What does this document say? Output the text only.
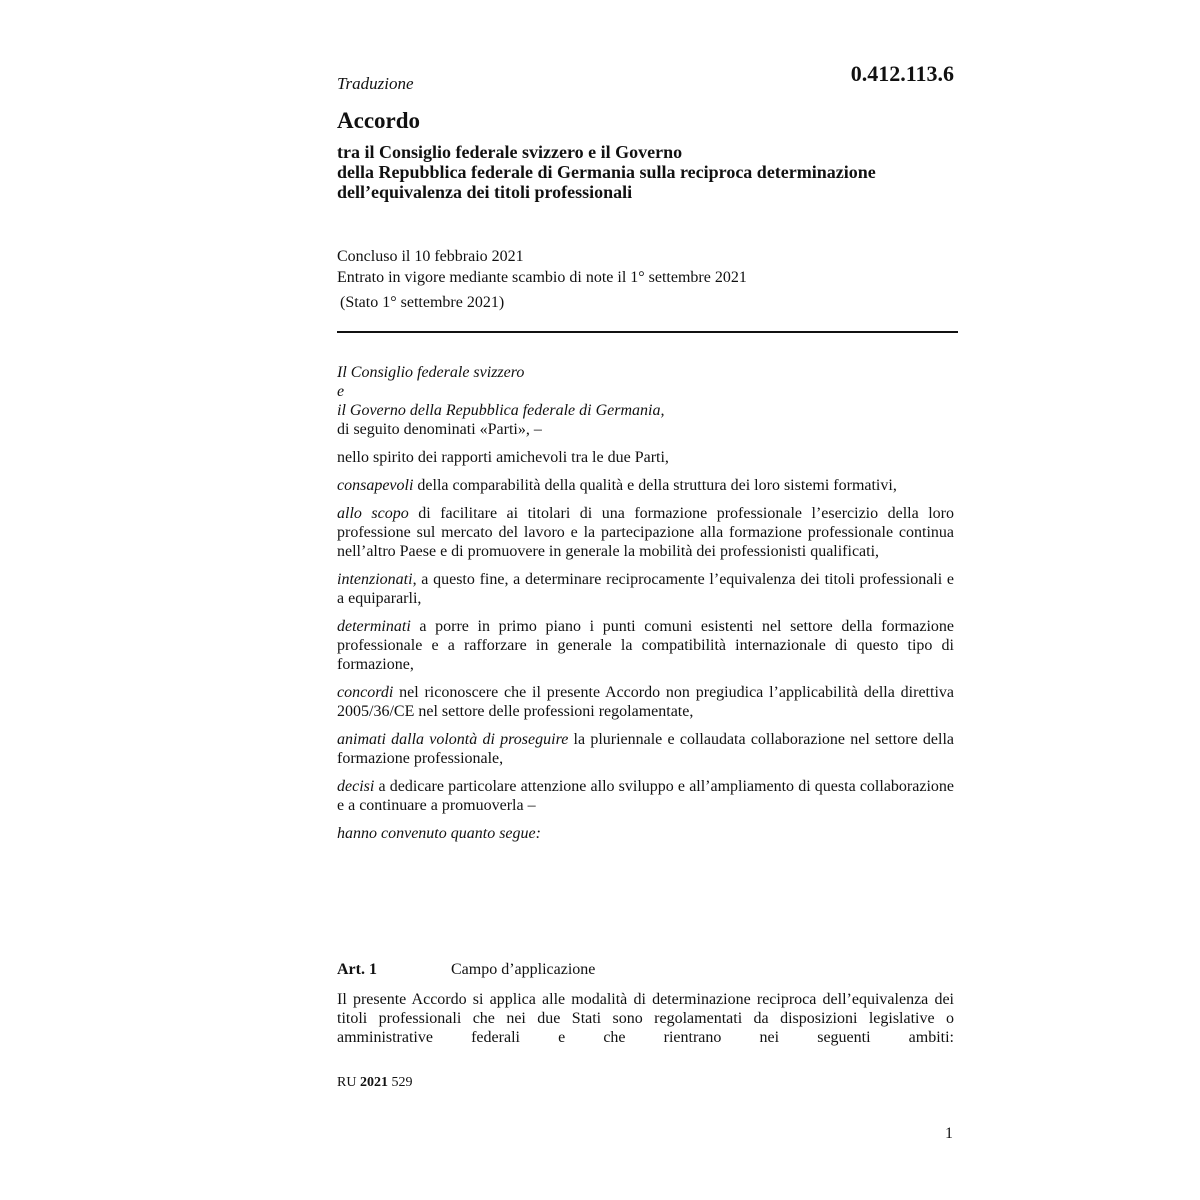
Traduzione	0.412.113.6
Accordo
tra il Consiglio federale svizzero e il Governo
della Repubblica federale di Germania sulla reciproca determinazione
dell’equivalenza dei titoli professionali
Concluso il 10 febbraio 2021
Entrato in vigore mediante scambio di note il 1° settembre 2021
(Stato 1° settembre 2021)
Il Consiglio federale svizzero
e
il Governo della Repubblica federale di Germania,
di seguito denominati «Parti», –
nello spirito dei rapporti amichevoli tra le due Parti,
consapevoli della comparabilità della qualità e della struttura dei loro sistemi formativi,
allo scopo di facilitare ai titolari di una formazione professionale l’esercizio della loro professione sul mercato del lavoro e la partecipazione alla formazione professionale continua nell’altro Paese e di promuovere in generale la mobilità dei professionisti qualificati,
intenzionati, a questo fine, a determinare reciprocamente l’equivalenza dei titoli professionali e a equipararli,
determinati a porre in primo piano i punti comuni esistenti nel settore della formazione professionale e a rafforzare in generale la compatibilità internazionale di questo tipo di formazione,
concordi nel riconoscere che il presente Accordo non pregiudica l’applicabilità della direttiva 2005/36/CE nel settore delle professioni regolamentate,
animati dalla volontà di proseguire la pluriennale e collaudata collaborazione nel settore della formazione professionale,
decisi a dedicare particolare attenzione allo sviluppo e all’ampliamento di questa collaborazione e a continuare a promuoverla –
hanno convenuto quanto segue:
Art. 1	Campo d’applicazione
Il presente Accordo si applica alle modalità di determinazione reciproca dell’equivalenza dei titoli professionali che nei due Stati sono regolamentati da disposizioni legislative o amministrative federali e che rientrano nei seguenti ambiti:
RU 2021 529
1
